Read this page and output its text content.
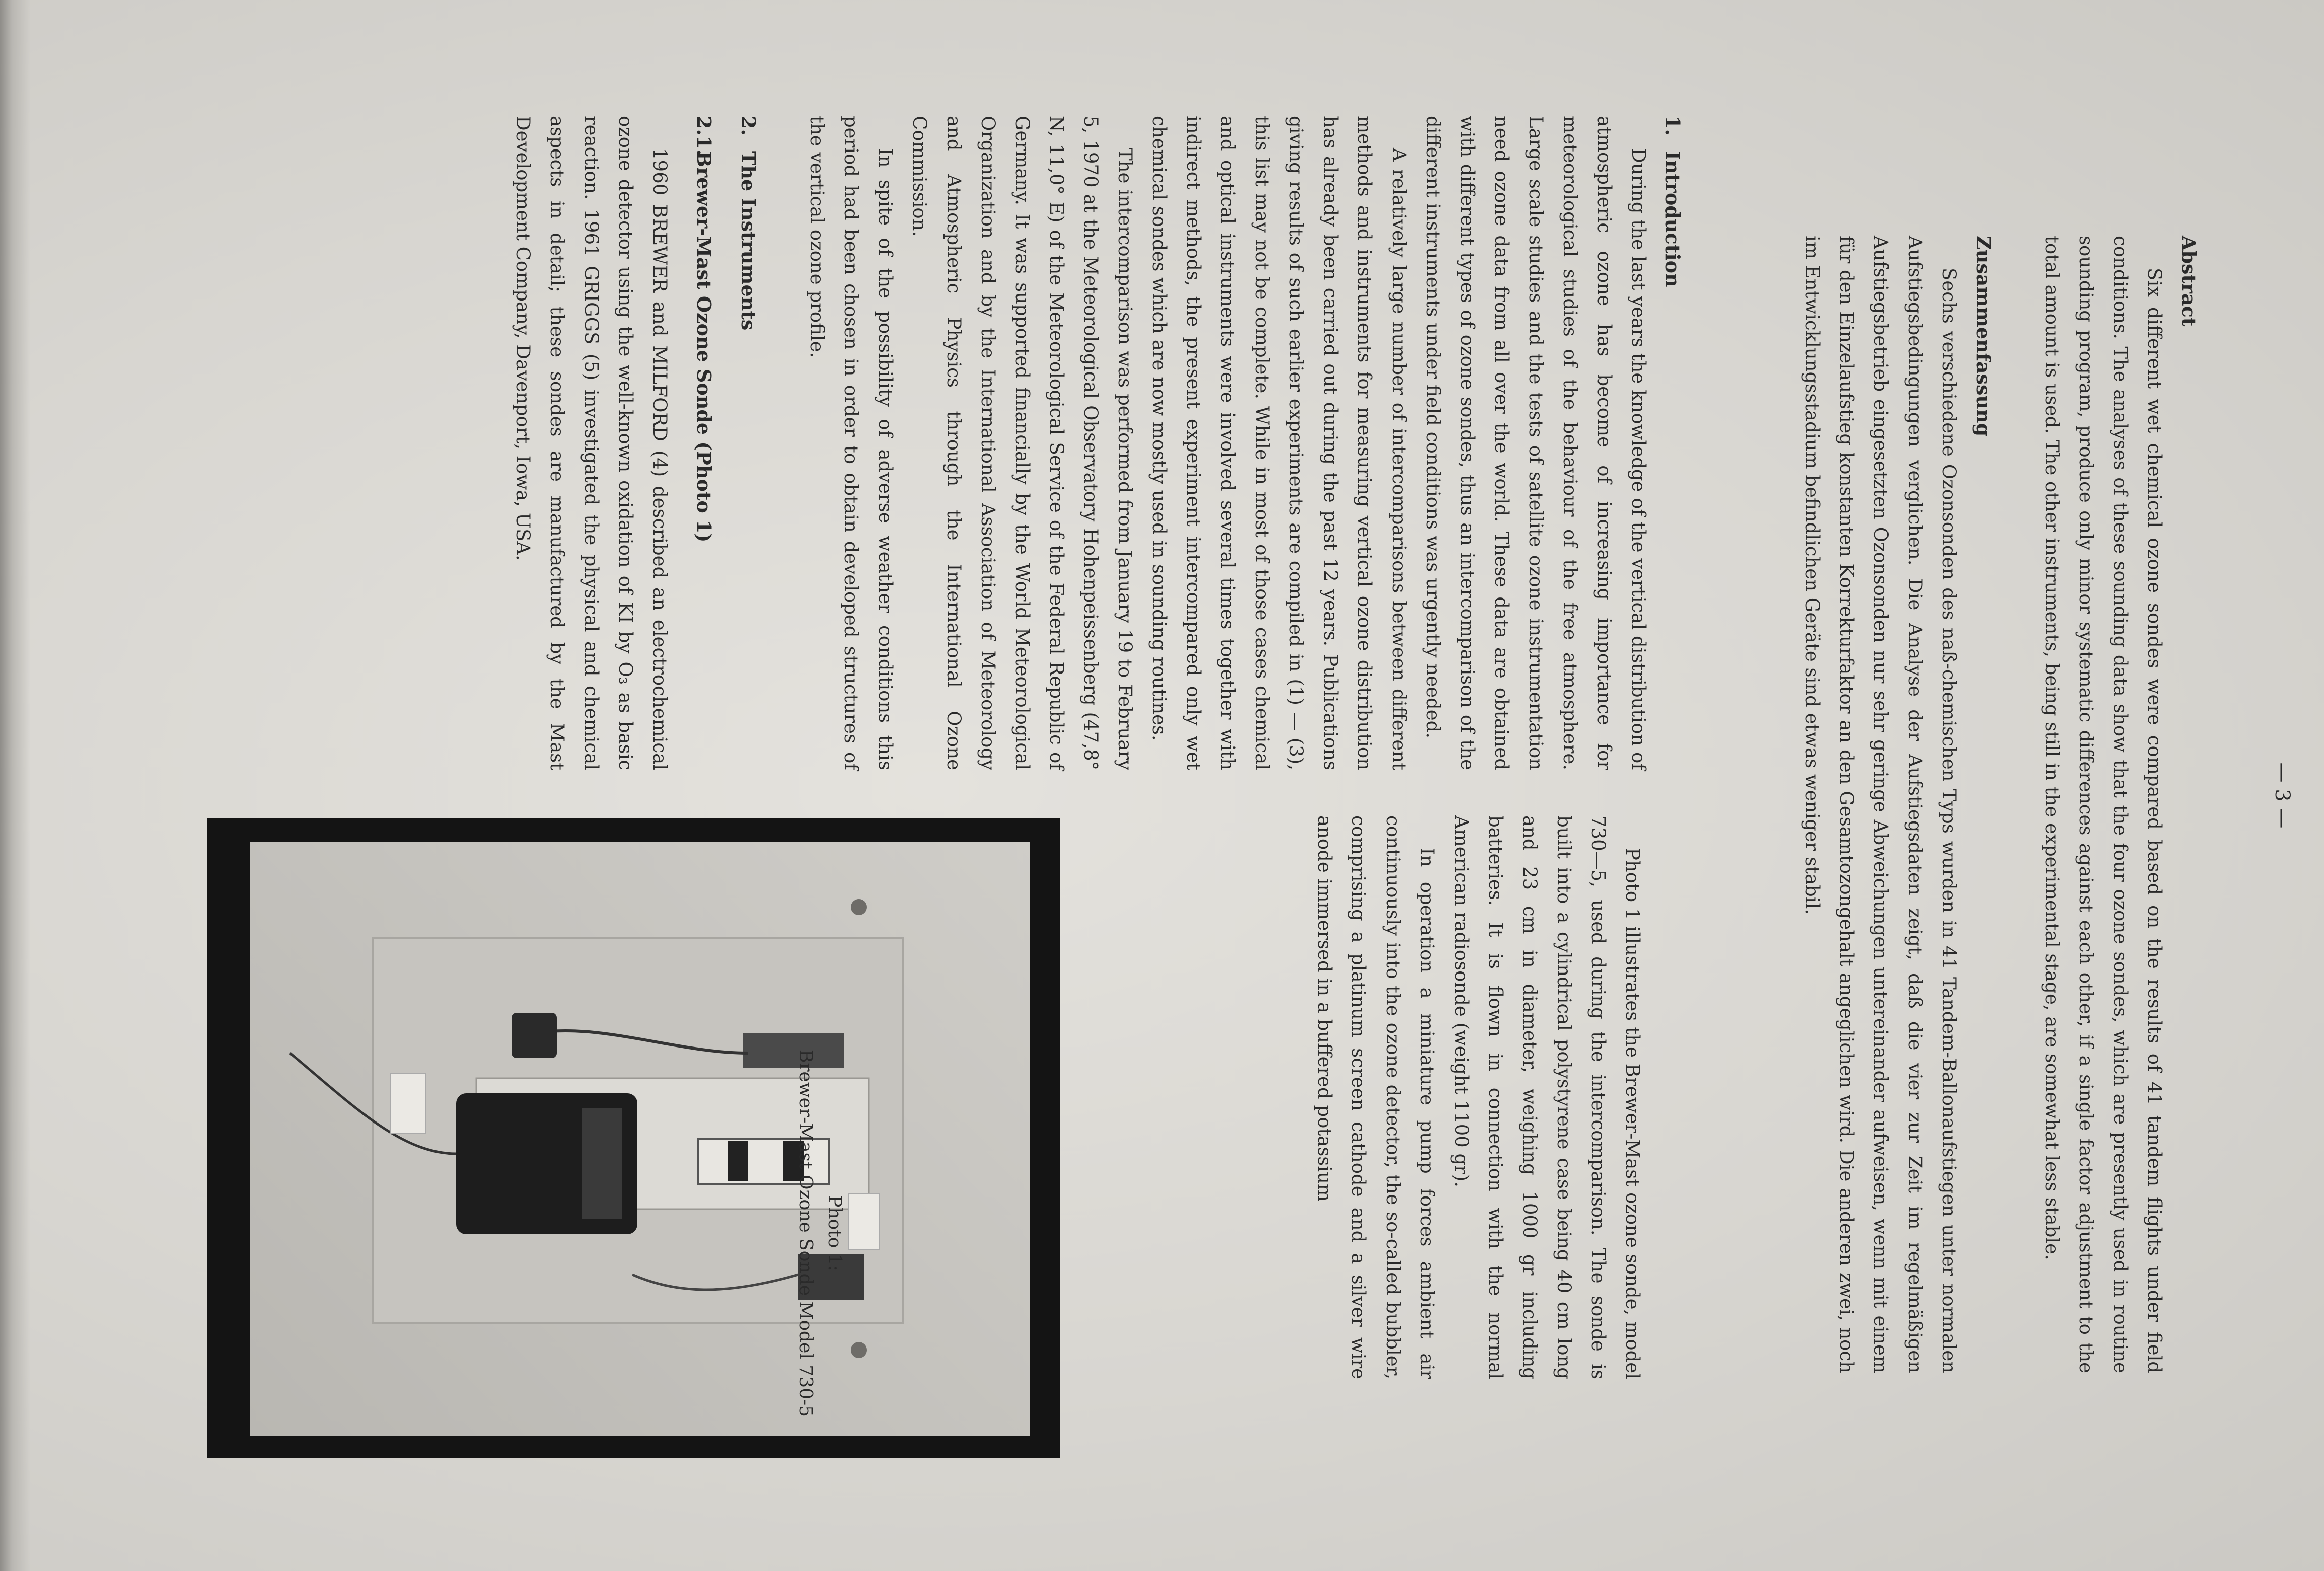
— 3 —

Abstract

Six different wet chemical ozone sondes were compared based on the results of 41 tandem flights under field conditions. The analyses of these sounding data show that the four ozone sondes, which are presently used in routine sounding program, produce only minor systematic differences against each other, if a single factor adjustment to the total amount is used. The other instruments, being still in the experimental stage, are somewhat less stable.

Zusammenfassung

Sechs verschiedene Ozonsonden des naß-chemischen Typs wurden in 41 Tandem-Ballonaufstiegen unter normalen Aufstiegsbedingungen verglichen. Die Analyse der Aufstiegsdaten zeigt, daß die vier zur Zeit im regelmäßigen Aufstiegsbetrieb eingesetzten Ozonsonden nur sehr geringe Abweichungen untereinander aufweisen, wenn mit einem für den Einzelaufstieg konstanten Korrekturfaktor an den Gesamtozongehalt angeglichen wird. Die anderen zwei, noch im Entwicklungsstadium befindlichen Geräte sind etwas weniger stabil.

1.Introduction

During the last years the knowledge of the vertical distribution of atmospheric ozone has become of increasing importance for meteorological studies of the behaviour of the free atmosphere. Large scale studies and the tests of satellite ozone instrumentation need ozone data from all over the world. These data are obtained with different types of ozone sondes, thus an intercomparison of the different instruments under field conditions was urgently needed.

A relatively large number of intercomparisons between different methods and instruments for measuring vertical ozone distribution has already been carried out during the past 12 years. Publications giving results of such earlier experiments are compiled in (1) — (3), this list may not be complete. While in most of those cases chemical and optical instruments were involved several times together with indirect methods, the present experiment intercompared only wet chemical sondes which are now mostly used in sounding routines.

The intercomparison was performed from January 19 to February 5, 1970 at the Meteorological Observatory Hohenpeissenberg (47,8° N, 11,0° E) of the Meteorological Service of the Federal Republic of Germany. It was supported financially by the World Meteorological Organization and by the International Association of Meteorology and Atmospheric Physics through the International Ozone Commission.

In spite of the possibility of adverse weather conditions this period had been chosen in order to obtain developed structures of the vertical ozone profile.

2.The Instruments

2.1.Brewer-Mast Ozone Sonde (Photo 1)

1960 BREWER and MILFORD (4) described an electrochemical ozone detector using the well-known oxidation of KI by O₃ as basic reaction. 1961 GRIGGS (5) investigated the physical and chemical aspects in detail; these sondes are manufactured by the Mast Development Company, Davenport, Iowa, USA.

Photo 1 illustrates the Brewer-Mast ozone sonde, model 730—5, used during the intercomparison. The sonde is built into a cylindrical polystyrene case being 40 cm long and 23 cm in diameter, weighing 1000 gr including batteries. It is flown in connection with the normal American radiosonde (weight 1100 gr).

In operation a miniature pump forces ambient air continuously into the ozone detector, the so-called bubbler, comprising a platinum screen cathode and a silver wire anode immersed in a buffered potassium

Photo 1:

Brewer-Mast Ozone Sonde Model 730-5
